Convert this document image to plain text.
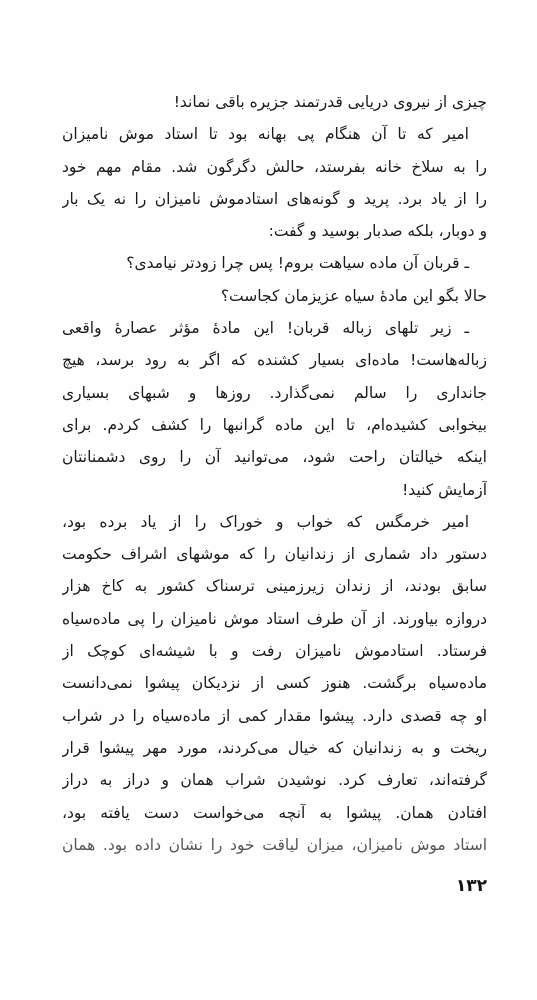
چیزی از نیروی دریایی قدرتمند جزیره باقی نماند!
امیر که تا آن هنگام پی بهانه بود تا استاد موش نامیزان
را به سلاخ خانه بفرستد، حالش دگرگون شد. مقام مهم خود
را از یاد برد. پرید و گونه‌های استادموش نامیزان را نه یک بار
و دوبار، بلکه صدبار بوسید و گفت:
ـ قربان آن ماده سیاهت بروم! پس چرا زودتر نیامدی؟
حالا بگو این مادهٔ سیاه عزیزمان کجاست؟
ـ زیر تلهای زباله قربان! این مادهٔ مؤثر عصارهٔ واقعی
زباله‌هاست! ماده‌ای بسیار کشنده که اگر به رود برسد، هیچ
جانداری را سالم نمی‌گذارد. روزها و شبهای بسیاری
بیخوابی کشیده‌ام، تا این ماده گرانبها را کشف کردم. برای
اینکه خیالتان راحت شود، می‌توانید آن را روی دشمنانتان
آزمایش کنید!
امیر خرمگس که خواب و خوراک را از یاد برده بود،
دستور داد شماری از زندانیان را که موشهای اشراف حکومت
سابق بودند، از زندان زیرزمینی ترسناک کشور به کاخ هزار
دروازه بیاورند. از آن طرف استاد موش نامیزان را پی ماده‌سیاه
فرستاد. استادموش نامیزان رفت و با شیشه‌ای کوچک از
ماده‌سیاه برگشت. هنوز کسی از نزدیکان پیشوا نمی‌دانست
او چه قصدی دارد. پیشوا مقدار کمی از ماده‌سیاه را در شراب
ریخت و به زندانیان که خیال می‌کردند، مورد مهر پیشوا قرار
گرفته‌اند، تعارف کرد. نوشیدن شراب همان و دراز به دراز
افتادن همان. پیشوا به آنچه می‌خواست دست یافته بود،
استاد موش نامیزان، میزان لیاقت خود را نشان داده بود. همان
۱۳۲
